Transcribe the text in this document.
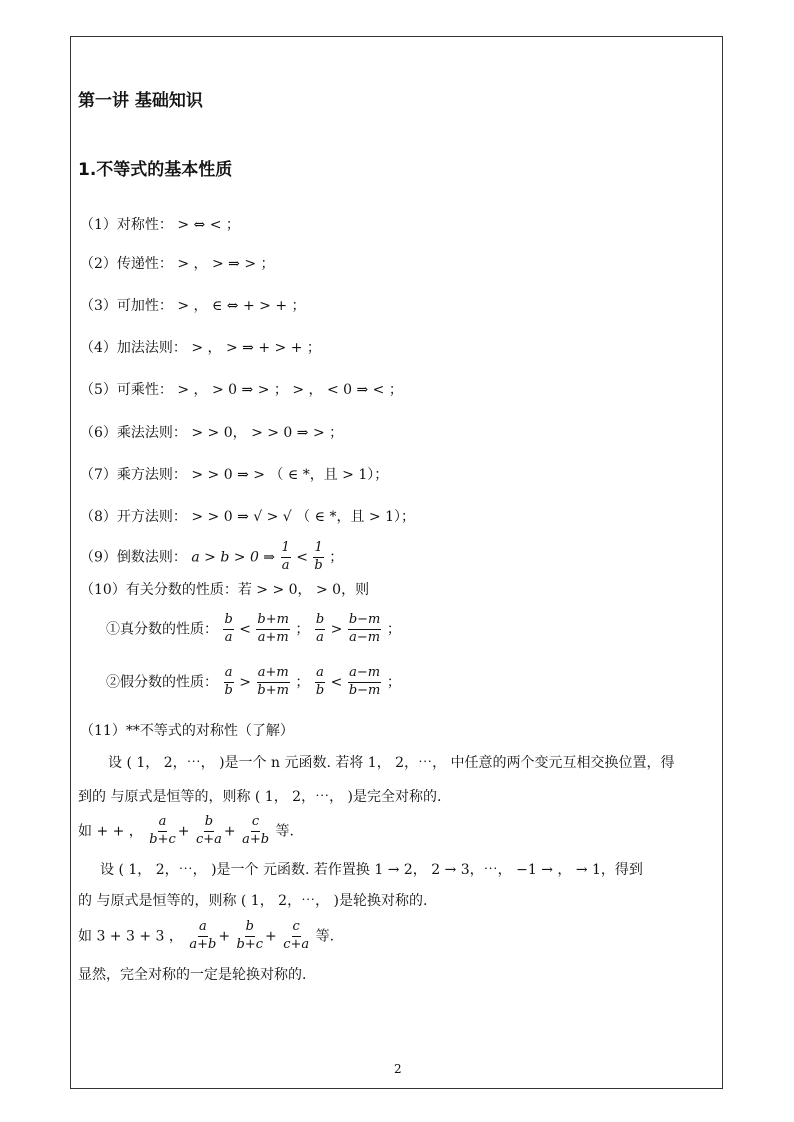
第一讲 基础知识
1.不等式的基本性质
（1）对称性： > ⇔ < ；
（2）传递性： > ， > ⇒ > ；
（3）可加性： > ， ∈ ⇔ + > + ；
（4）加法法则： > ， > ⇒ + > + ；
（5）可乘性： > ， > 0 ⇒ > ； > ， < 0 ⇒ < ；
（6）乘法法则： > > 0， > > 0 ⇒ > ；
（7）乘方法则： > > 0 ⇒ > （ ∈ *，且 > 1）；
（8）开方法则： > > 0 ⇒ √ > √ （ ∈ *，且 > 1）；
（9）倒数法则： a > b > 0 ⇒ $\frac{1}{a} < \frac{1}{b}$ ；
（10）有关分数的性质：若 > > 0， > 0，则
①真分数的性质： $\frac{b}{a} < \frac{b+m}{a+m}$ ； $\frac{b}{a} > \frac{b-m}{a-m}$ ；
②假分数的性质： $\frac{a}{b} > \frac{a+m}{b+m}$ ； $\frac{a}{b} < \frac{a-m}{b-m}$ ；
（11）**不等式的对称性（了解）
设 ( 1， 2，⋯， )是一个 n 元函数. 若将 1， 2，⋯， 中任意的两个变元互相交换位置，得
到的 与原式是恒等的，则称 ( 1， 2，⋯， )是完全对称的.
如 + + ， $\frac{a}{b+c} + \frac{b}{c+a} + \frac{c}{a+b}$ 等.
设 ( 1， 2，⋯， )是一个 元函数. 若作置换 1 → 2， 2 → 3，⋯， −1 → ， → 1，得到
的 与原式是恒等的，则称 ( 1， 2，⋯， )是轮换对称的.
如 3 + 3 + 3 ， $\frac{a}{a+b} + \frac{b}{b+c} + \frac{c}{c+a}$ 等.
显然，完全对称的一定是轮换对称的.
2
